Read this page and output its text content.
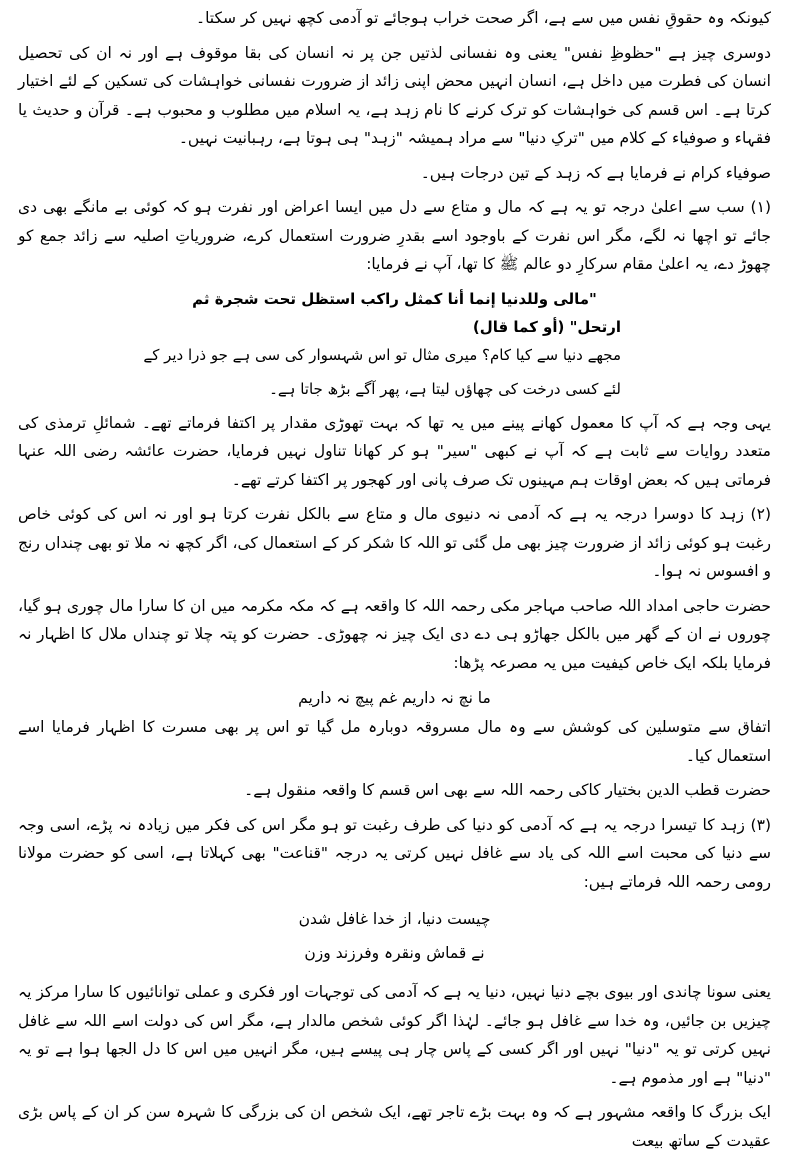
کیونکہ وہ حقوقِ نفس میں سے ہے، اگر صحت خراب ہوجائے تو آدمی کچھ نہیں کر سکتا۔

دوسری چیز ہے "حظوظِ نفس" یعنی وہ نفسانی لذتیں جن پر نہ انسان کی بقا موقوف ہے اور نہ ان کی تحصیل انسان کی فطرت میں داخل ہے، انسان انہیں محض اپنی زائد از ضرورت نفسانی خواہشات کی تسکین کے لئے اختیار کرتا ہے۔ اس قسم کی خواہشات کو ترک کرنے کا نام زہد ہے، یہ اسلام میں مطلوب و محبوب ہے۔ قرآن و حدیث یا فقہاء و صوفیاء کے کلام میں "ترکِ دنیا" سے مراد ہمیشہ "زہد" ہی ہوتا ہے، رہبانیت نہیں۔

صوفیاء کرام نے فرمایا ہے کہ زہد کے تین درجات ہیں۔

(۱) سب سے اعلیٰ درجہ تو یہ ہے کہ مال و متاع سے دل میں ایسا اعراض اور نفرت ہو کہ کوئی بے مانگے بھی دی جائے تو اچھا نہ لگے، مگر اس نفرت کے باوجود اسے بقدرِ ضرورت استعمال کرے، ضروریاتِ اصلیہ سے زائد جمع کو چھوڑ دے، یہ اعلیٰ مقام سرکارِ دو عالم ﷺ کا تھا، آپ نے فرمایا:

"مالی وللدنیا إنما أنا کمثل راکب استظل تحت شجرة ثم

ارتحل" (أو کما قال)

مجھے دنیا سے کیا کام؟ میری مثال تو اس شہسوار کی سی ہے جو ذرا دیر کے

لئے کسی درخت کی چھاؤں لیتا ہے، پھر آگے بڑھ جاتا ہے۔

یہی وجہ ہے کہ آپ کا معمول کھانے پینے میں یہ تھا کہ بہت تھوڑی مقدار پر اکتفا فرماتے تھے۔ شمائلِ ترمذی کی متعدد روایات سے ثابت ہے کہ آپ نے کبھی "سیر" ہو کر کھانا تناول نہیں فرمایا، حضرت عائشہ رضی اللہ عنہا فرماتی ہیں کہ بعض اوقات ہم مہینوں تک صرف پانی اور کھجور پر اکتفا کرتے تھے۔

(۲) زہد کا دوسرا درجہ یہ ہے کہ آدمی نہ دنیوی مال و متاع سے بالکل نفرت کرتا ہو اور نہ اس کی کوئی خاص رغبت ہو کوئی زائد از ضرورت چیز بھی مل گئی تو اللہ کا شکر کر کے استعمال کی، اگر کچھ نہ ملا تو بھی چنداں رنج و افسوس نہ ہوا۔

حضرت حاجی امداد اللہ صاحب مہاجر مکی رحمہ اللہ کا واقعہ ہے کہ مکہ مکرمہ میں ان کا سارا مال چوری ہو گیا، چوروں نے ان کے گھر میں بالکل جھاڑو ہی دے دی ایک چیز نہ چھوڑی۔ حضرت کو پتہ چلا تو چنداں ملال کا اظہار نہ فرمایا بلکہ ایک خاص کیفیت میں یہ مصرعہ پڑھا:

ما نچ نہ داریم غم پیچ نہ داریم

اتفاق سے متوسلین کی کوشش سے وہ مال مسروقہ دوبارہ مل گیا تو اس پر بھی مسرت کا اظہار فرمایا اسے استعمال کیا۔

حضرت قطب الدین بختیار کاکی رحمہ اللہ سے بھی اس قسم کا واقعہ منقول ہے۔

(۳) زہد کا تیسرا درجہ یہ ہے کہ آدمی کو دنیا کی طرف رغبت تو ہو مگر اس کی فکر میں زیادہ نہ پڑے، اسی وجہ سے دنیا کی محبت اسے اللہ کی یاد سے غافل نہیں کرتی یہ درجہ "قناعت" بھی کہلاتا ہے، اسی کو حضرت مولانا رومی رحمہ اللہ فرماتے ہیں:

چیست دنیا، از خدا غافل شدن
نے قماش ونقرہ وفرزند وزن

یعنی سونا چاندی اور بیوی بچے دنیا نہیں، دنیا یہ ہے کہ آدمی کی توجہات اور فکری و عملی توانائیوں کا سارا مرکز یہ چیزیں بن جائیں، وہ خدا سے غافل ہو جائے۔ لہٰذا اگر کوئی شخص مالدار ہے، مگر اس کی دولت اسے اللہ سے غافل نہیں کرتی تو یہ "دنیا" نہیں اور اگر کسی کے پاس چار ہی پیسے ہیں، مگر انہیں میں اس کا دل الجھا ہوا ہے تو یہ "دنیا" ہے اور مذموم ہے۔

ایک بزرگ کا واقعہ مشہور ہے کہ وہ بہت بڑے تاجر تھے، ایک شخص ان کی بزرگی کا شہرہ سن کر ان کے پاس بڑی عقیدت کے ساتھ بیعت
